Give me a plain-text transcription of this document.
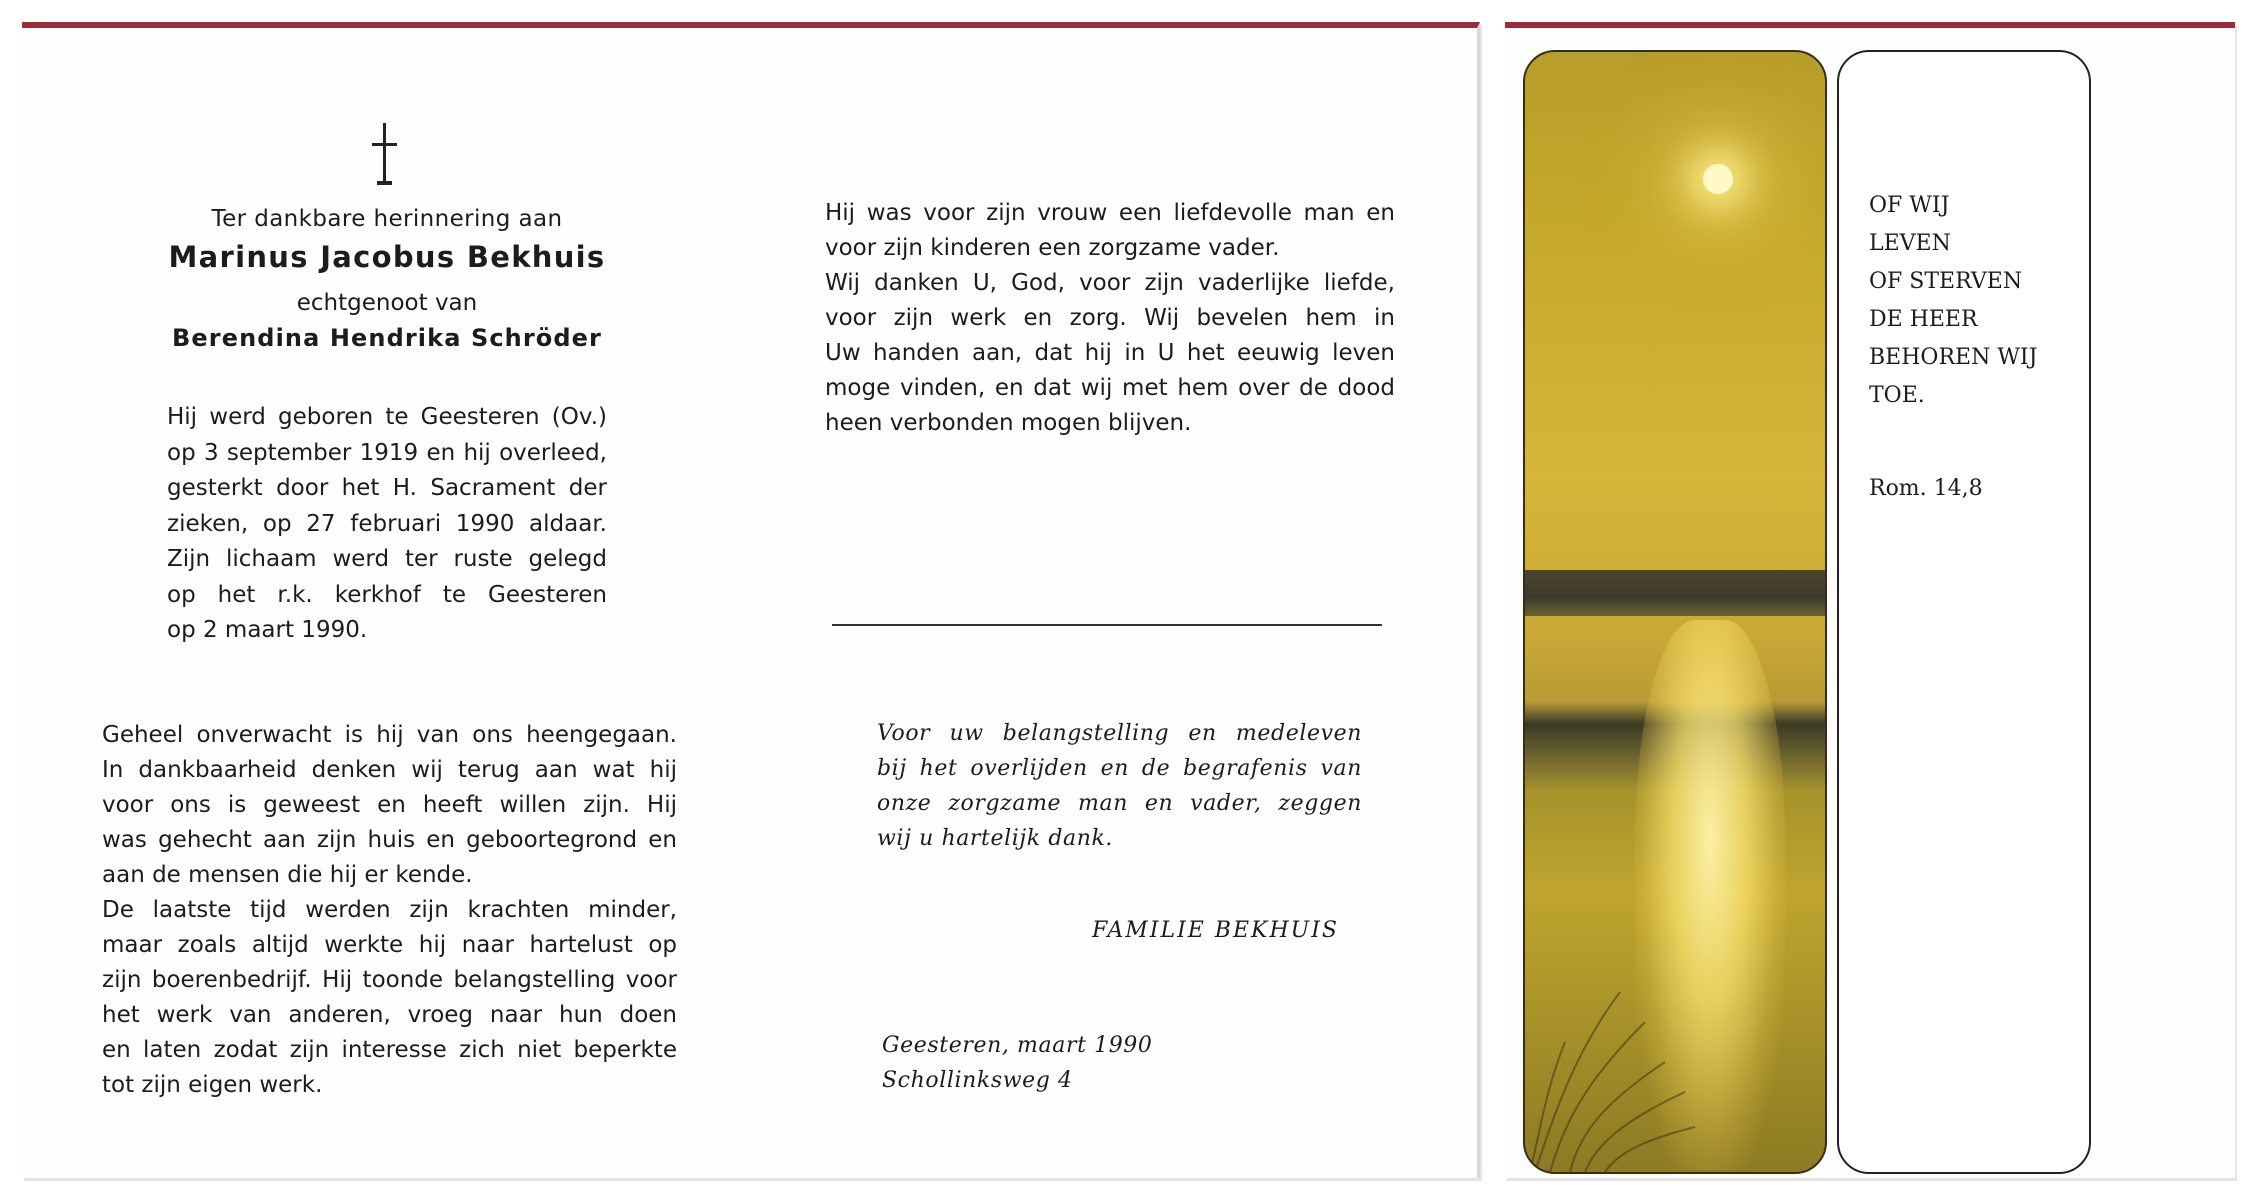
Ter dankbare herinnering aan
Marinus Jacobus Bekhuis
echtgenoot van
Berendina Hendrika Schröder
Hij werd geboren te Geesteren (Ov.)
op 3 september 1919 en hij overleed,
gesterkt door het H. Sacrament der
zieken, op 27 februari 1990 aldaar.
Zijn lichaam werd ter ruste gelegd
op het r.k. kerkhof te Geesteren
op 2 maart 1990.
Geheel onverwacht is hij van ons heengegaan.
In dankbaarheid denken wij terug aan wat hij
voor ons is geweest en heeft willen zijn. Hij
was gehecht aan zijn huis en geboortegrond en
aan de mensen die hij er kende.
De laatste tijd werden zijn krachten minder,
maar zoals altijd werkte hij naar hartelust op
zijn boerenbedrijf. Hij toonde belangstelling voor
het werk van anderen, vroeg naar hun doen
en laten zodat zijn interesse zich niet beperkte
tot zijn eigen werk.
Hij was voor zijn vrouw een liefdevolle man en
voor zijn kinderen een zorgzame vader.
Wij danken U, God, voor zijn vaderlijke liefde,
voor zijn werk en zorg. Wij bevelen hem in
Uw handen aan, dat hij in U het eeuwig leven
moge vinden, en dat wij met hem over de dood
heen verbonden mogen blijven.
Voor uw belangstelling en medeleven
bij het overlijden en de begrafenis van
onze zorgzame man en vader, zeggen
wij u hartelijk dank.
FAMILIE BEKHUIS
Geesteren, maart 1990
Schollinksweg 4
OF WIJ
LEVEN
OF STERVEN
DE HEER
BEHOREN WIJ
TOE.
Rom. 14,8
